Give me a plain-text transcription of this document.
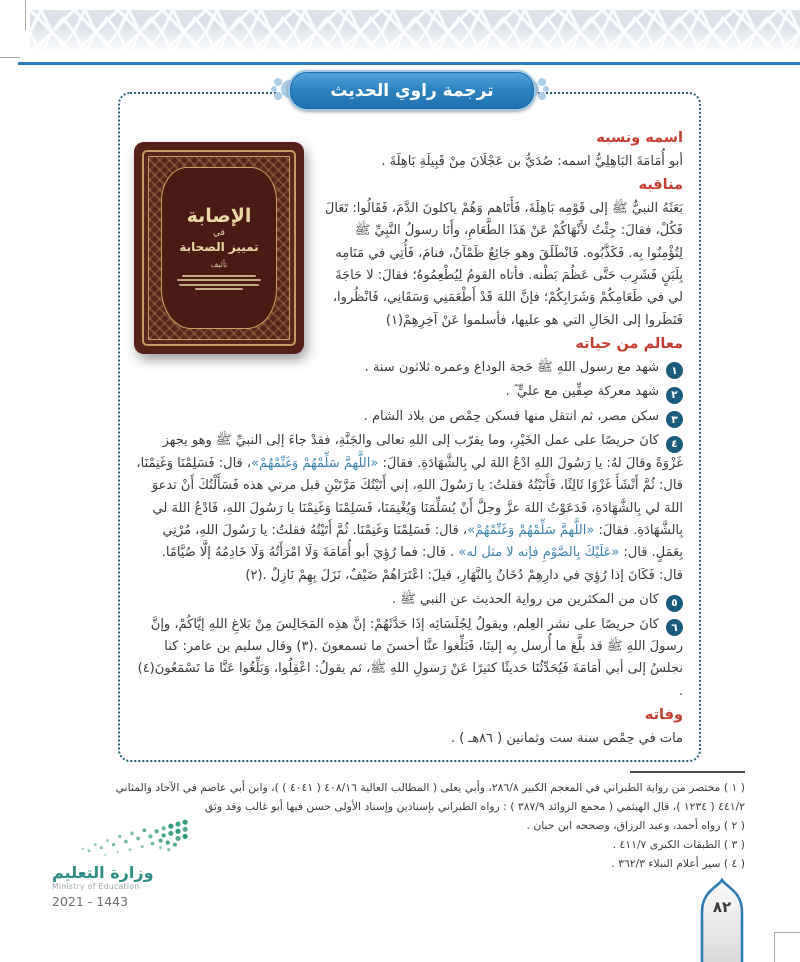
ترجمة راوي الحديث
الإصابة
في
تمييز الصحابة
تأليف
اسمه ونسبه

أبو أُمَامَةَ البَاهِلِيُّ اسمه: صُدَيُّ بن عَجْلَانَ مِنْ قَبِيلَةِ بَاهِلَةَ .

مناقبه

بَعَثَهُ النبيُّ ﷺ إلى قَوْمِه بَاهِلَةَ، فَأَتَاهم وَهُمْ ياكلونَ الدَّمَ، فَقَالُوا: تَعَالَ فَكُلْ، فقالَ: جِئْتُ لأَنْهَاكُمْ عَنْ هَذَا الطَّعَامِ، وأَنَا رسولُ النَّبِيِّ ﷺ لِتُؤْمِنُوا بِه. فَكَذَّبُوه. فَانْطَلَقَ وهو جَائِعٌ ظَمْآنُ، فنامَ، فَأُتِي في مَنَامِه بِلَبَنٍ فَشَرِب حَتَّى عَظُمَ بَطْنه. فأتاه القومُ لِيُطْعِمُوهُ؛ فقالَ: لا حَاجَةَ لي في طَعَامِكُمْ وَشَرَابِكُمْ؛ فإنَّ اللهَ قَدْ أَطْعَمَنِي وَسَقَانِي، فَانْظُروا، فَنَظَروا إلى الحَالِ التي هو عليها، فأسلموا عَنْ آخِرِهِمْ(١)

معالم من حياته
١شهد مع رسول اللهِ ﷺ حَجة الوداع وعمره ثلاثون سنة .
٢شهد معركة صِفِّين مع عليٍّ ؓ .
٣سكن مصر، ثم انتقل منها فسكن حِمْص من بلاد الشام .
٤كانَ حريصًا على عمل الخَيْرِ، وما يقرّب إلى اللهِ تعالى والجَنَّةِ، فقدْ جاءَ إلى النبيِّ ﷺ وهو يجهز غَزْوَةً وقالَ لهُ: يا رَسُولَ اللهِ ادْعُ اللهَ لي بِالشَّهَادَةِ. فقالَ: «اللَّهمَّ سَلِّمْهُمْ وَغَنِّمْهُمْ»، قال: فَسَلِمْنَا وَغَنِمْنَا، قال: ثُمَّ أَنْشَأَ غَزْوًا ثَالِثًا، فَأَتَيْتُهُ فقلتُ: يا رَسُولَ اللهِ، إني أَتَيْتُكَ مَرَّتَيْنِ قبل مرتي هذه فَسَأَلْتُكَ أَنْ تدعوَ اللهَ لي بِالشَّهَادَةِ، فَدَعَوْتُ اللهَ عزَّ وجلَّ أَنْ يُسَلِّمَنَا وَيُغْنِمَنَا، فَسَلِمْنَا وَغَنِمْنَا يا رَسُولَ اللهِ، فَادْعُ اللهَ لي بِالشَّهَادَةِ. فقالَ: «اللَّهمَّ سَلِّمْهُمْ وَغَنِّمْهُمْ»، قال: فَسَلِمْنَا وَغَنِمْنَا. ثُمَّ أَتَيْتُهُ فقلتُ: يا رَسُولَ اللهِ، مُرْنِي بِعَمَلٍ. قال: «عَلَيْكَ بِالصَّوْمِ فإنه لا مثل له» . قال: فما رُؤِيَ أبو أُمَامَةَ وَلَا امْرَأَتُهُ وَلَا خَادِمُهُ إلَّا صُيَّامًا. قال: فَكَانَ إذا رُؤِيَ في دارِهِمْ دُخَانٌ بِالنَّهَارِ، قيلَ: اعْتَرَاهُمْ ضَيْفٌ، نَزَلَ بِهِمْ نَازِلٌ .(٢)
٥كان من المكثرين من رواية الحديث عن النبي ﷺ .
٦كانَ حريصًا على نشر العِلم، ويقولُ لِجُلَسَائِه إذَا حَدَّثَهُمْ: إنَّ هذِه المَجَالِسَ مِنْ بَلاغِ اللهِ إيَّاكُمْ، وإنَّ رسولَ اللهِ ﷺ قد بلَّغ ما أُرسل بِه إلينَا، فَبَلِّغوا عنَّا أحسنَ ما تسمعونَ .(٣) وقال سليم بن عامر: كنا نجلسُ إلى أبي أمَامَةَ فَيُحَدِّثُنَا حَديثًا كثيرًا عَنْ رَسولِ اللهِ ﷺ، ثم يقولُ: اعْقِلُوا، وَبَلِّغُوا عَنَّا مَا تَسْمَعُونَ(٤) .
وفاته

مات في حِمْص سنة ست وثمانين ( ٨٦هـ ) .

( ١ ) مختصر من رواية الطبراني في المعجم الكبير ٢٨٦/٨، وأبي يعلى ( المطالب العالية ٤٠٨/١٦ ( ٤٠٤١ ) )، وابن أبي عاصم في الآحاد والمثاني ٤٤١/٢ ( ١٢٣٤ )، قال الهيثمي ( مجمع الزوائد ٣٨٧/٩ ) : رواه الطبراني بإسنادين وإسناد الأولى حسن فيها أبو غالب وقد وثق

( ٢ ) رواه أحمد، وعبد الرزاق، وصححه ابن حبان .

( ٣ ) الطبقات الكبرى ٤١١/٧ .

( ٤ ) سير أعلام النبلاء ٣٦٢/٣ .

وزارة التعليم
Ministry of Education
2021 - 1443	٨٢
